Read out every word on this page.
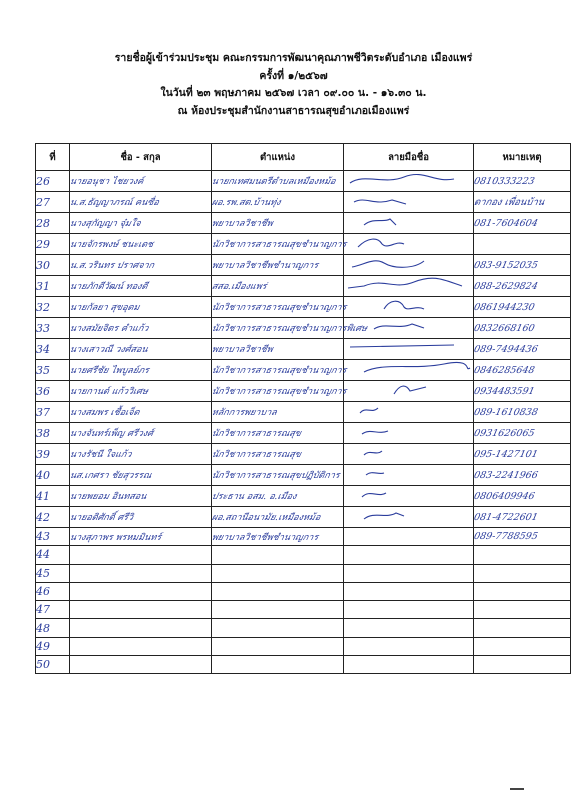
รายชื่อผู้เข้าร่วมประชุม คณะกรรมการพัฒนาคุณภาพชีวิตระดับอำเภอ เมืองแพร่
ครั้งที่ ๑/๒๕๖๗
ในวันที่ ๒๓ พฤษภาคม ๒๕๖๗ เวลา ๐๙.๐๐ น. - ๑๖.๓๐ น.
ณ ห้องประชุมสำนักงานสาธารณสุขอำเภอเมืองแพร่
ที่	ชื่อ - สกุล	ตำแหน่ง	ลายมือชื่อ	หมายเหตุ
26	นายอนุชา ไชยวงค์	นายกเทศมนตรีตำบลเหมืองหม้อ		0810333223
27	น.ส.ธัญญาภรณ์ คนซื่อ	ผอ.รพ.สต.บ้านทุ่ง		ดากอง เพื่อนบ้าน
28	นางสุกัญญา จุ๋มใจ	พยาบาลวิชาชีพ		081-7604604
29	นายจักรพงษ์ ชนะเดช	นักวิชาการสาธารณสุขชำนาญการ		
30	น.ส.วรินทร ปราศจาก	พยาบาลวิชาชีพชำนาญการ		083-9152035
31	นายภักดีวัฒน์ ทองดี	สสอ.เมืองแพร่		088-2629824
32	นายกัลยา สุขอุดม	นักวิชาการสาธารณสุขชำนาญการ		0861944230
33	นางสมัยจิตร คำแก้ว	นักวิชาการสาธารณสุขชำนาญการพิเศษ		0832668160
34	นางเสาวณี วงศ์สอน	พยาบาลวิชาชีพ		089-7494436
35	นายศรีชัย ไพบูลย์ภร	นักวิชาการสาธารณสุขชำนาญการ		0846285648
36	นายกานต์ แก้ววิเศษ	นักวิชาการสาธารณสุขชำนาญการ		0934483591
37	นางสมพร เชื้อเจ็ด	หลักการพยาบาล		089-1610838
38	นางจันทร์เพ็ญ ศรีวงศ์	นักวิชาการสาธารณสุข		0931626065
39	นางรัชนี ใจแก้ว	นักวิชาการสาธารณสุข		095-1427101
40	นส.เกศรา ชัยสุวรรณ	นักวิชาการสาธารณสุขปฏิบัติการ		083-2241966
41	นายพยอม อินทสอน	ประธาน อสม. อ.เมือง		0806409946
42	นายอดิศักดิ์ ศรีวิ	ผอ.สถานีอนามัย.เหมืองหม้อ		081-4722601
43	นางสุภาพร พรหมมินทร์	พยาบาลวิชาชีพชำนาญการ		089-7788595
44				
45				
46				
47				
48				
49				
50				
